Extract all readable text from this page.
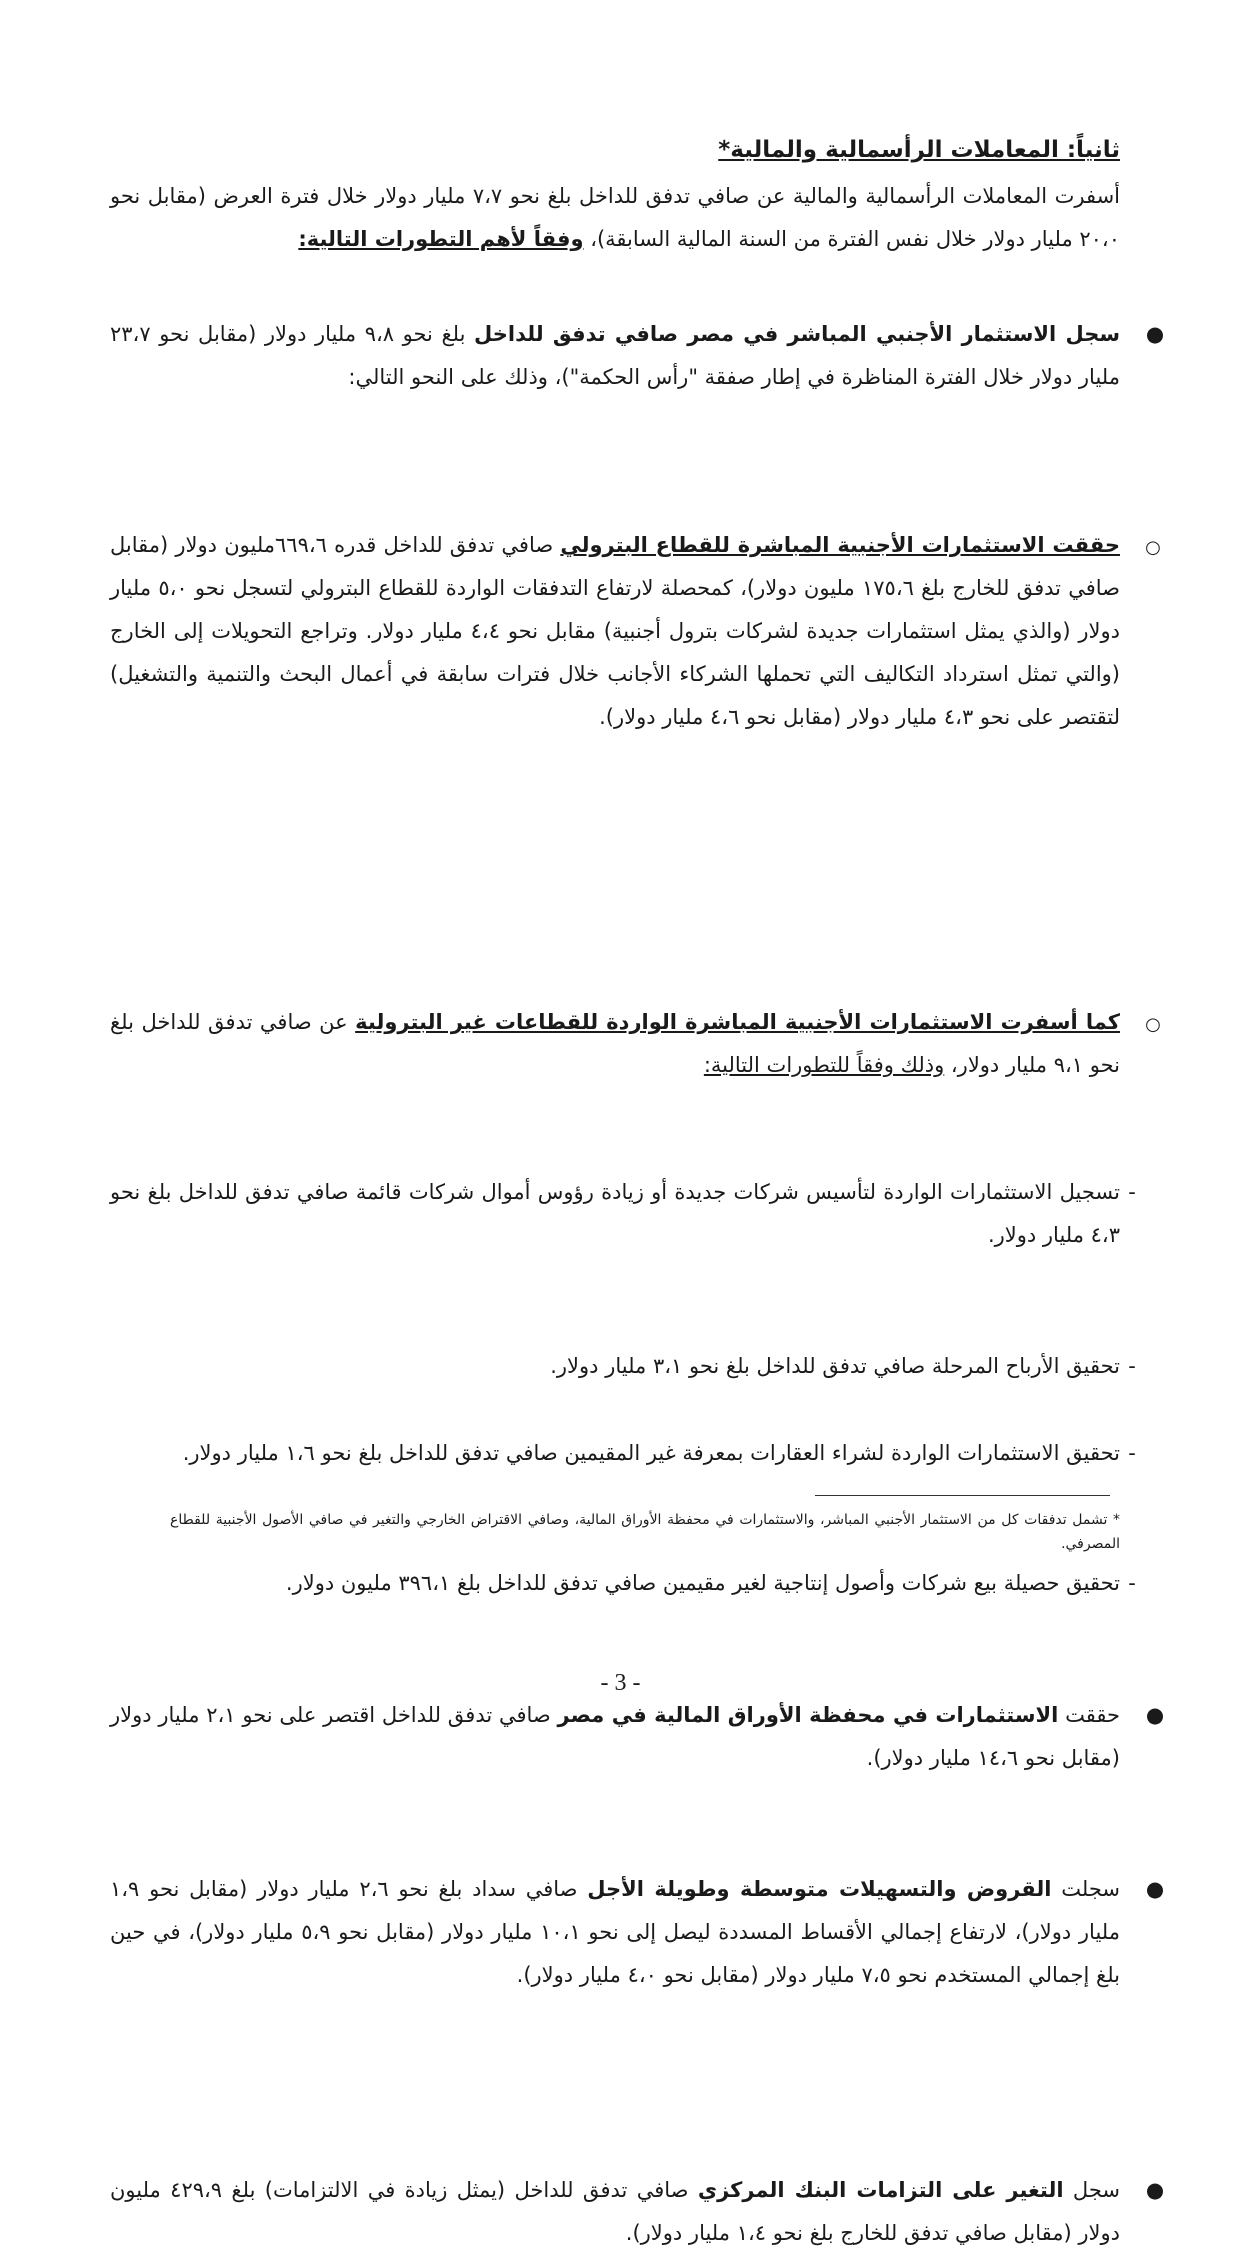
ثانياً: المعاملات الرأسمالية والمالية*
أسفرت المعاملات الرأسمالية والمالية عن صافي تدفق للداخل بلغ نحو ٧،٧ مليار دولار خلال فترة العرض (مقابل نحو ٢٠،٠ مليار دولار خلال نفس الفترة من السنة المالية السابقة)، وفقاً لأهم التطورات التالية:
●
سجل الاستثمار الأجنبي المباشر في مصر صافي تدفق للداخل بلغ نحو ٩،٨ مليار دولار (مقابل نحو ٢٣،٧ مليار دولار خلال الفترة المناظرة في إطار صفقة "رأس الحكمة")، وذلك على النحو التالي:
○
حققت الاستثمارات الأجنبية المباشرة للقطاع البترولي صافي تدفق للداخل قدره ٦٦٩،٦مليون دولار (مقابل صافي تدفق للخارج بلغ ١٧٥،٦ مليون دولار)، كمحصلة لارتفاع التدفقات الواردة للقطاع البترولي لتسجل نحو ٥،٠ مليار دولار (والذي يمثل استثمارات جديدة لشركات بترول أجنبية) مقابل نحو ٤،٤ مليار دولار. وتراجع التحويلات إلى الخارج (والتي تمثل استرداد التكاليف التي تحملها الشركاء الأجانب خلال فترات سابقة في أعمال البحث والتنمية والتشغيل) لتقتصر على نحو ٤،٣ مليار دولار (مقابل نحو ٤،٦ مليار دولار).
○
كما أسفرت الاستثمارات الأجنبية المباشرة الواردة للقطاعات غير البترولية عن صافي تدفق للداخل بلغ نحو ٩،١ مليار دولار، وذلك وفقاً للتطورات التالية:
-
تسجيل الاستثمارات الواردة لتأسيس شركات جديدة أو زيادة رؤوس أموال شركات قائمة صافي تدفق للداخل بلغ نحو ٤،٣ مليار دولار.
-
تحقيق الأرباح المرحلة صافي تدفق للداخل بلغ نحو ٣،١ مليار دولار.
-
تحقيق الاستثمارات الواردة لشراء العقارات بمعرفة غير المقيمين صافي تدفق للداخل بلغ نحو ١،٦ مليار دولار.
-
تحقيق حصيلة بيع شركات وأصول إنتاجية لغير مقيمين صافي تدفق للداخل بلغ ٣٩٦،١ مليون دولار.
●
حققت الاستثمارات في محفظة الأوراق المالية في مصر صافي تدفق للداخل اقتصر على نحو ٢،١ مليار دولار (مقابل نحو ١٤،٦ مليار دولار).
●
سجلت القروض والتسهيلات متوسطة وطويلة الأجل صافي سداد بلغ نحو ٢،٦ مليار دولار (مقابل نحو ١،٩ مليار دولار)، لارتفاع إجمالي الأقساط المسددة ليصل إلى نحو ١٠،١ مليار دولار (مقابل نحو ٥،٩ مليار دولار)، في حين بلغ إجمالي المستخدم نحو ٧،٥ مليار دولار (مقابل نحو ٤،٠ مليار دولار).
●
سجل التغير على التزامات البنك المركزي صافي تدفق للداخل (يمثل زيادة في الالتزامات) بلغ ٤٢٩،٩ مليون دولار (مقابل صافي تدفق للخارج بلغ نحو ١،٤ مليار دولار).
* تشمل تدفقات كل من الاستثمار الأجنبي المباشر، والاستثمارات في محفظة الأوراق المالية، وصافي الاقتراض الخارجي والتغير في صافي الأصول الأجنبية للقطاع المصرفي.
- 3 -
